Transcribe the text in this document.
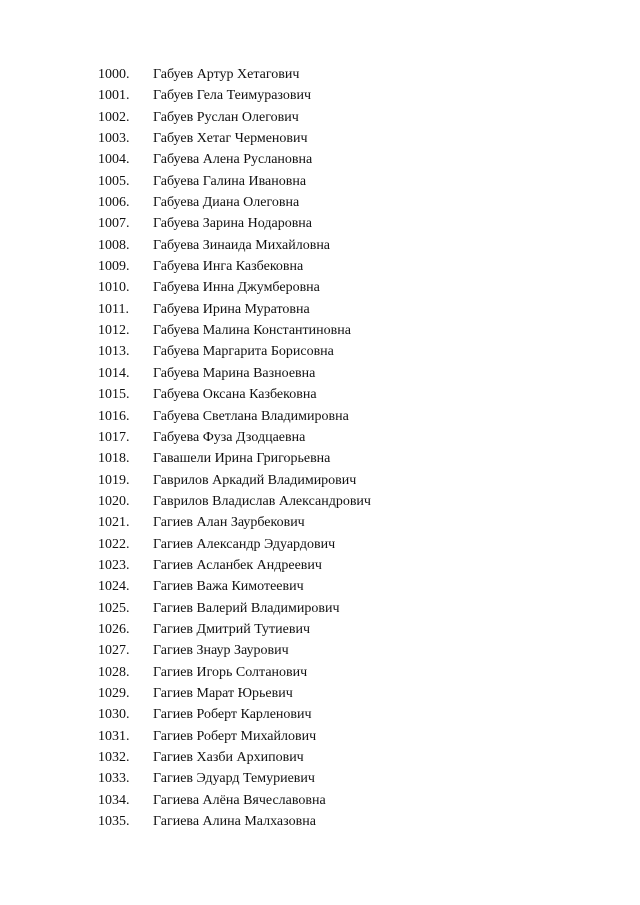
1000.	Габуев Артур Хетагович
1001.	Габуев Гела Теимуразович
1002.	Габуев Руслан Олегович
1003.	Габуев Хетаг Черменович
1004.	Габуева Алена Руслановна
1005.	Габуева Галина Ивановна
1006.	Габуева Диана Олеговна
1007.	Габуева Зарина Нодаровна
1008.	Габуева Зинаида Михайловна
1009.	Габуева Инга Казбековна
1010.	Габуева Инна Джумберовна
1011.	Габуева Ирина Муратовна
1012.	Габуева Малина Константиновна
1013.	Габуева Маргарита Борисовна
1014.	Габуева Марина Вазноевна
1015.	Габуева Оксана Казбековна
1016.	Габуева Светлана Владимировна
1017.	Габуева Фуза Дзодцаевна
1018.	Гавашели Ирина Григорьевна
1019.	Гаврилов Аркадий Владимирович
1020.	Гаврилов Владислав Александрович
1021.	Гагиев Алан Заурбекович
1022.	Гагиев Александр Эдуардович
1023.	Гагиев Асланбек Андреевич
1024.	Гагиев Важа Кимотеевич
1025.	Гагиев Валерий Владимирович
1026.	Гагиев Дмитрий Тутиевич
1027.	Гагиев Знаур Заурович
1028.	Гагиев Игорь Солтанович
1029.	Гагиев Марат Юрьевич
1030.	Гагиев Роберт Карленович
1031.	Гагиев Роберт Михайлович
1032.	Гагиев Хазби Архипович
1033.	Гагиев Эдуард Темуриевич
1034.	Гагиева Алёна Вячеславовна
1035.	Гагиева Алина Малхазовна
